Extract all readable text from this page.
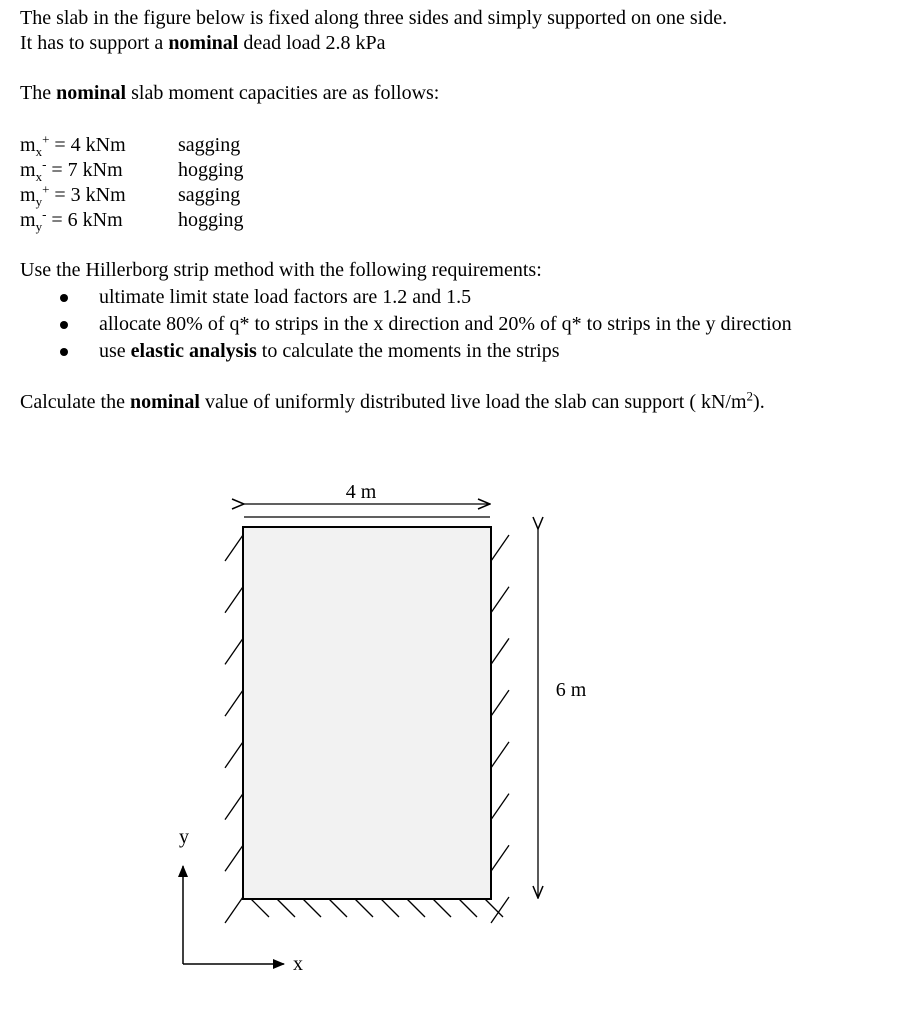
The slab in the figure below is fixed along three sides and simply supported on one side.
It has to support a nominal dead load 2.8 kPa
The nominal slab moment capacities are as follows:
$m_x^+ = 4$ kNm	sagging
$m_x^- = 7$ kNm	hogging
$m_y^+ = 3$ kNm	sagging
$m_y^- = 6$ kNm	hogging
Use the Hillerborg strip method with the following requirements:
ultimate limit state load factors are 1.2 and 1.5
allocate 80% of q* to strips in the x direction and 20% of q* to strips in the y direction
use elastic analysis to calculate the moments in the strips
Calculate the nominal value of uniformly distributed live load the slab can support ( $kN/m^2$).
4 m
6 m
y
x
